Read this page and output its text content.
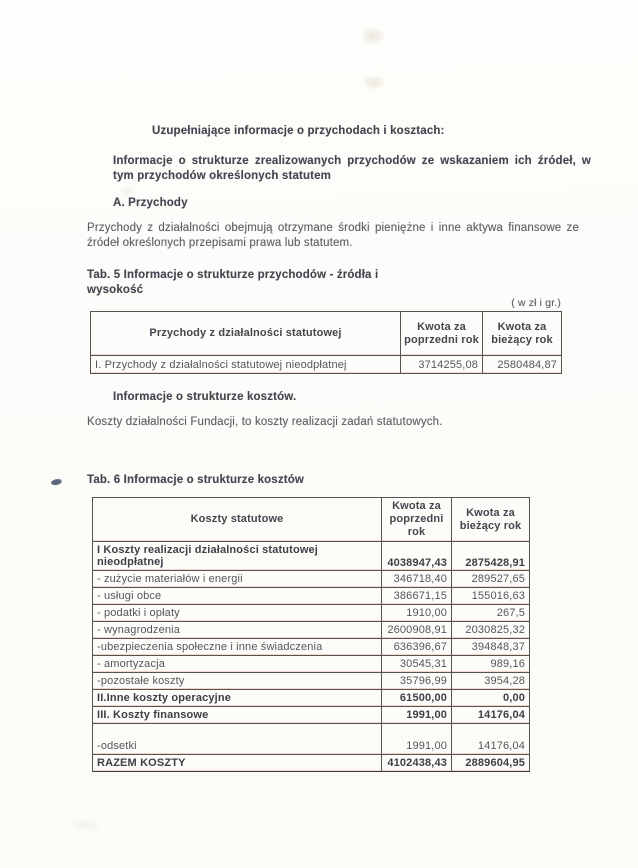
Uzupełniające informacje o przychodach i kosztach:
Informacje o strukturze zrealizowanych przychodów ze wskazaniem ich źródeł, w tym przychodów określonych statutem
A. Przychody
Przychody z działalności obejmują otrzymane środki pieniężne i inne aktywa finansowe ze źródeł określonych przepisami prawa lub statutem.
Tab. 5 Informacje o strukturze przychodów - źródła i wysokość
( w zł i gr.)
Przychody z działalności statutowej	Kwota za poprzedni rok	Kwota za bieżący rok
I. Przychody z działalności statutowej nieodpłatnej	3714255,08	2580484,87
Informacje o strukturze kosztów.
Koszty działalności Fundacji, to koszty realizacji zadań statutowych.
Tab. 6 Informacje o strukturze kosztów
Koszty statutowe	Kwota za poprzedni rok	Kwota za bieżący rok
I Koszty realizacji działalności statutowej nieodpłatnej	4038947,43	2875428,91
- zużycie materiałów i energii	346718,40	289527,65
- usługi obce	386671,15	155016,63
- podatki i opłaty	1910,00	267,5
- wynagrodzenia	2600908,91	2030825,32
-ubezpieczenia społeczne i inne świadczenia	636396,67	394848,37
- amortyzacja	30545,31	989,16
-pozostałe koszty	35796,99	3954,28
II.Inne koszty operacyjne	61500,00	0,00
III. Koszty finansowe	1991,00	14176,04
-odsetki	1991,00	14176,04
RAZEM KOSZTY	4102438,43	2889604,95
